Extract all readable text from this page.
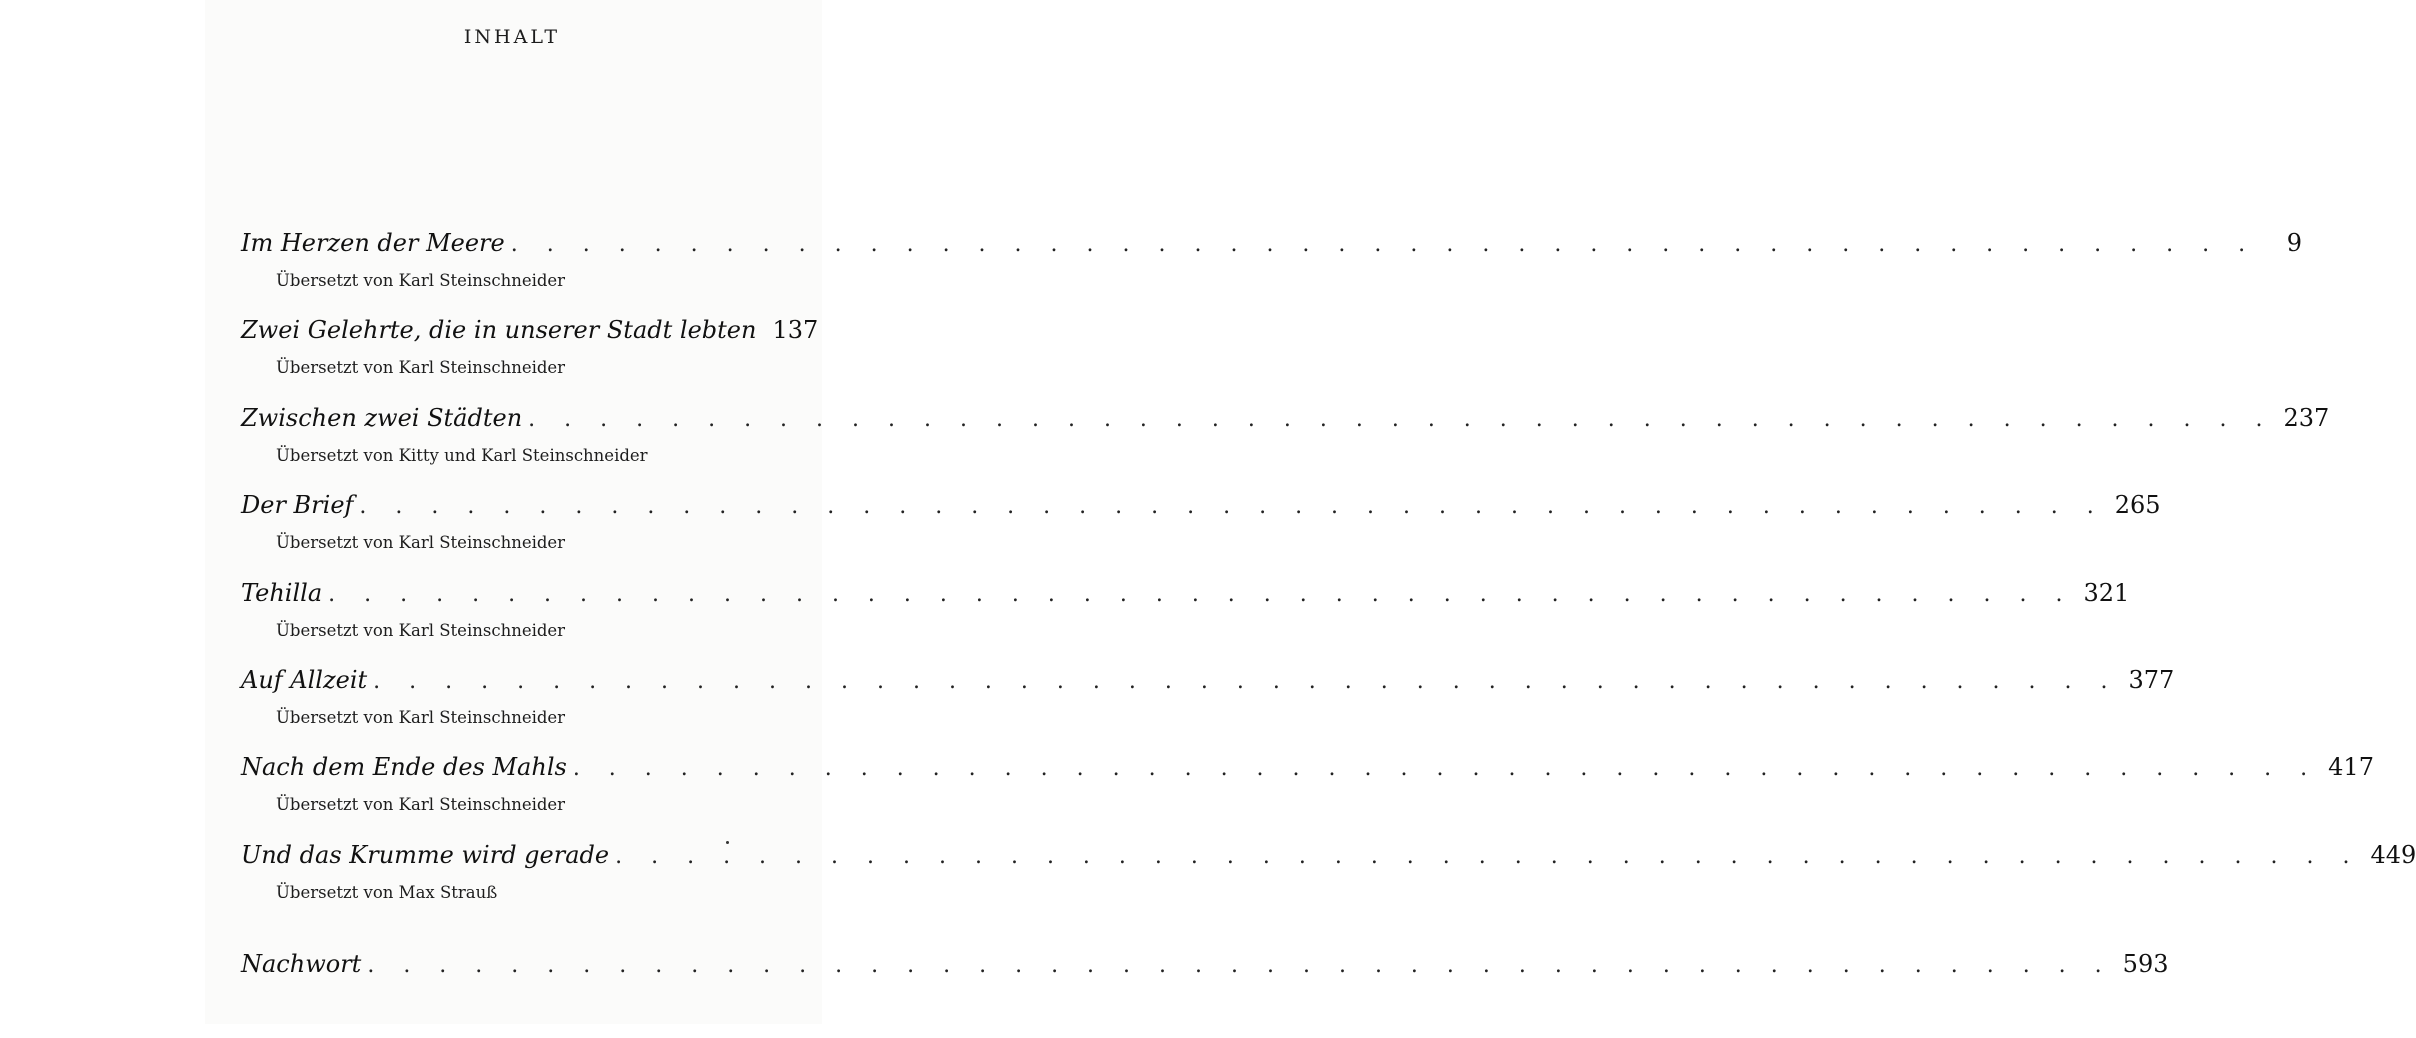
INHALT
Im Herzen der Meere . . . . . . . . . . . . . . . . . . . . . . . . . . . . . . . . . . . . . . . . . . . . . . . . .	9
Übersetzt von Karl Steinschneider
Zwei Gelehrte, die in unserer Stadt lebten 137
Übersetzt von Karl Steinschneider
Zwischen zwei Städten . . . . . . . . . . . . . . . . . . . . . . . . . . . . . . . . . . . . . . . . . . . . . . . . . 237
Übersetzt von Kitty und Karl Steinschneider
Der Brief . . . . . . . . . . . . . . . . . . . . . . . . . . . . . . . . . . . . . . . . . . . . . . . . . 265
Übersetzt von Karl Steinschneider
Tehilla . . . . . . . . . . . . . . . . . . . . . . . . . . . . . . . . . . . . . . . . . . . . . . . . . 321
Übersetzt von Karl Steinschneider
Auf Allzeit . . . . . . . . . . . . . . . . . . . . . . . . . . . . . . . . . . . . . . . . . . . . . . . . . 377
Übersetzt von Karl Steinschneider
Nach dem Ende des Mahls . . . . . . . . . . . . . . . . . . . . . . . . . . . . . . . . . . . . . . . . . . . . . . . . . 417
Übersetzt von Karl Steinschneider
Und das Krumme wird gerade . . . . . . . . . . . . . . . . . . . . . . . . . . . . . . . . . . . . . . . . . . . . . . . . . 449
Übersetzt von Max Strauß
Nachwort . . . . . . . . . . . . . . . . . . . . . . . . . . . . . . . . . . . . . . . . . . . . . . . . . 593
